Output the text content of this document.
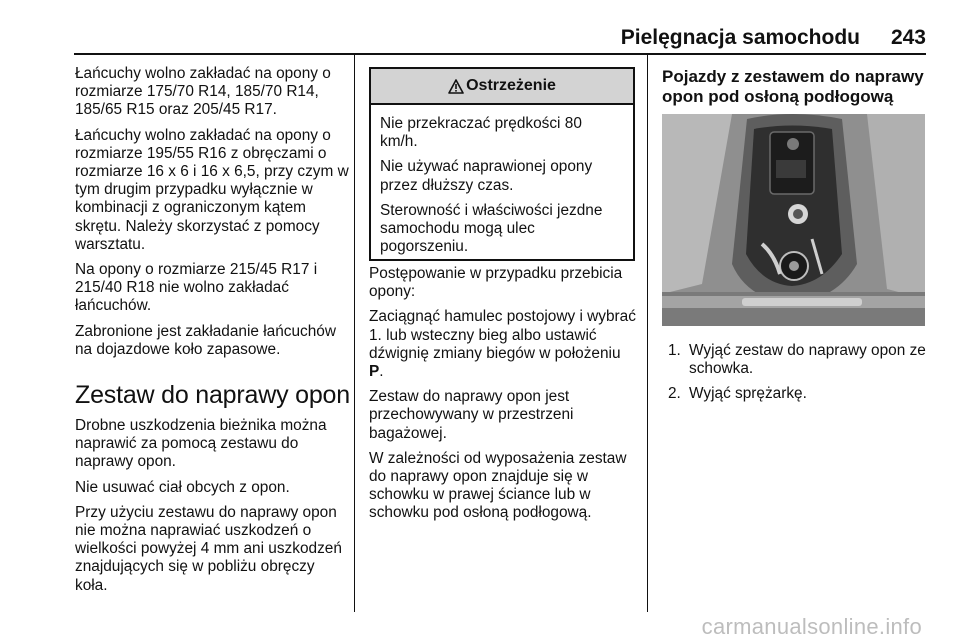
Pielęgnacja samochodu 243

Łańcuchy wolno zakładać na opony o rozmiarze 175/70 R14, 185/70 R14, 185/65 R15 oraz 205/45 R17.

Łańcuchy wolno zakładać na opony o rozmiarze 195/55 R16 z obręczami o rozmiarze 16 x 6 i 16 x 6,5, przy czym w tym drugim przypadku wyłącznie w kombinacji z ograniczonym kątem skrętu. Należy skorzystać z pomocy warsztatu.

Na opony o rozmiarze 215/45 R17 i 215/40 R18 nie wolno zakładać łańcuchów.

Zabronione jest zakładanie łańcuchów na dojazdowe koło zapasowe.

Zestaw do naprawy opon

Drobne uszkodzenia bieżnika można naprawić za pomocą zestawu do naprawy opon.

Nie usuwać ciał obcych z opon.

Przy użyciu zestawu do naprawy opon nie można naprawiać uszkodzeń o wielkości powyżej 4 mm ani uszkodzeń znajdujących się w pobliżu obręczy koła.

Ostrzeżenie

Nie przekraczać prędkości 80 km/h.

Nie używać naprawionej opony przez dłuższy czas.

Sterowność i właściwości jezdne samochodu mogą ulec pogorszeniu.

Postępowanie w przypadku przebicia opony:

Zaciągnąć hamulec postojowy i wybrać 1. lub wsteczny bieg albo ustawić dźwignię zmiany biegów w położeniu P.

Zestaw do naprawy opon jest przechowywany w przestrzeni bagażowej.

W zależności od wyposażenia zestaw do naprawy opon znajduje się w schowku w prawej ściance lub w schowku pod osłoną podłogową.

Pojazdy z zestawem do naprawy opon pod osłoną podłogową
1. Wyjąć zestaw do naprawy opon ze schowka.
2. Wyjąć sprężarkę.
carmanualsonline.info
